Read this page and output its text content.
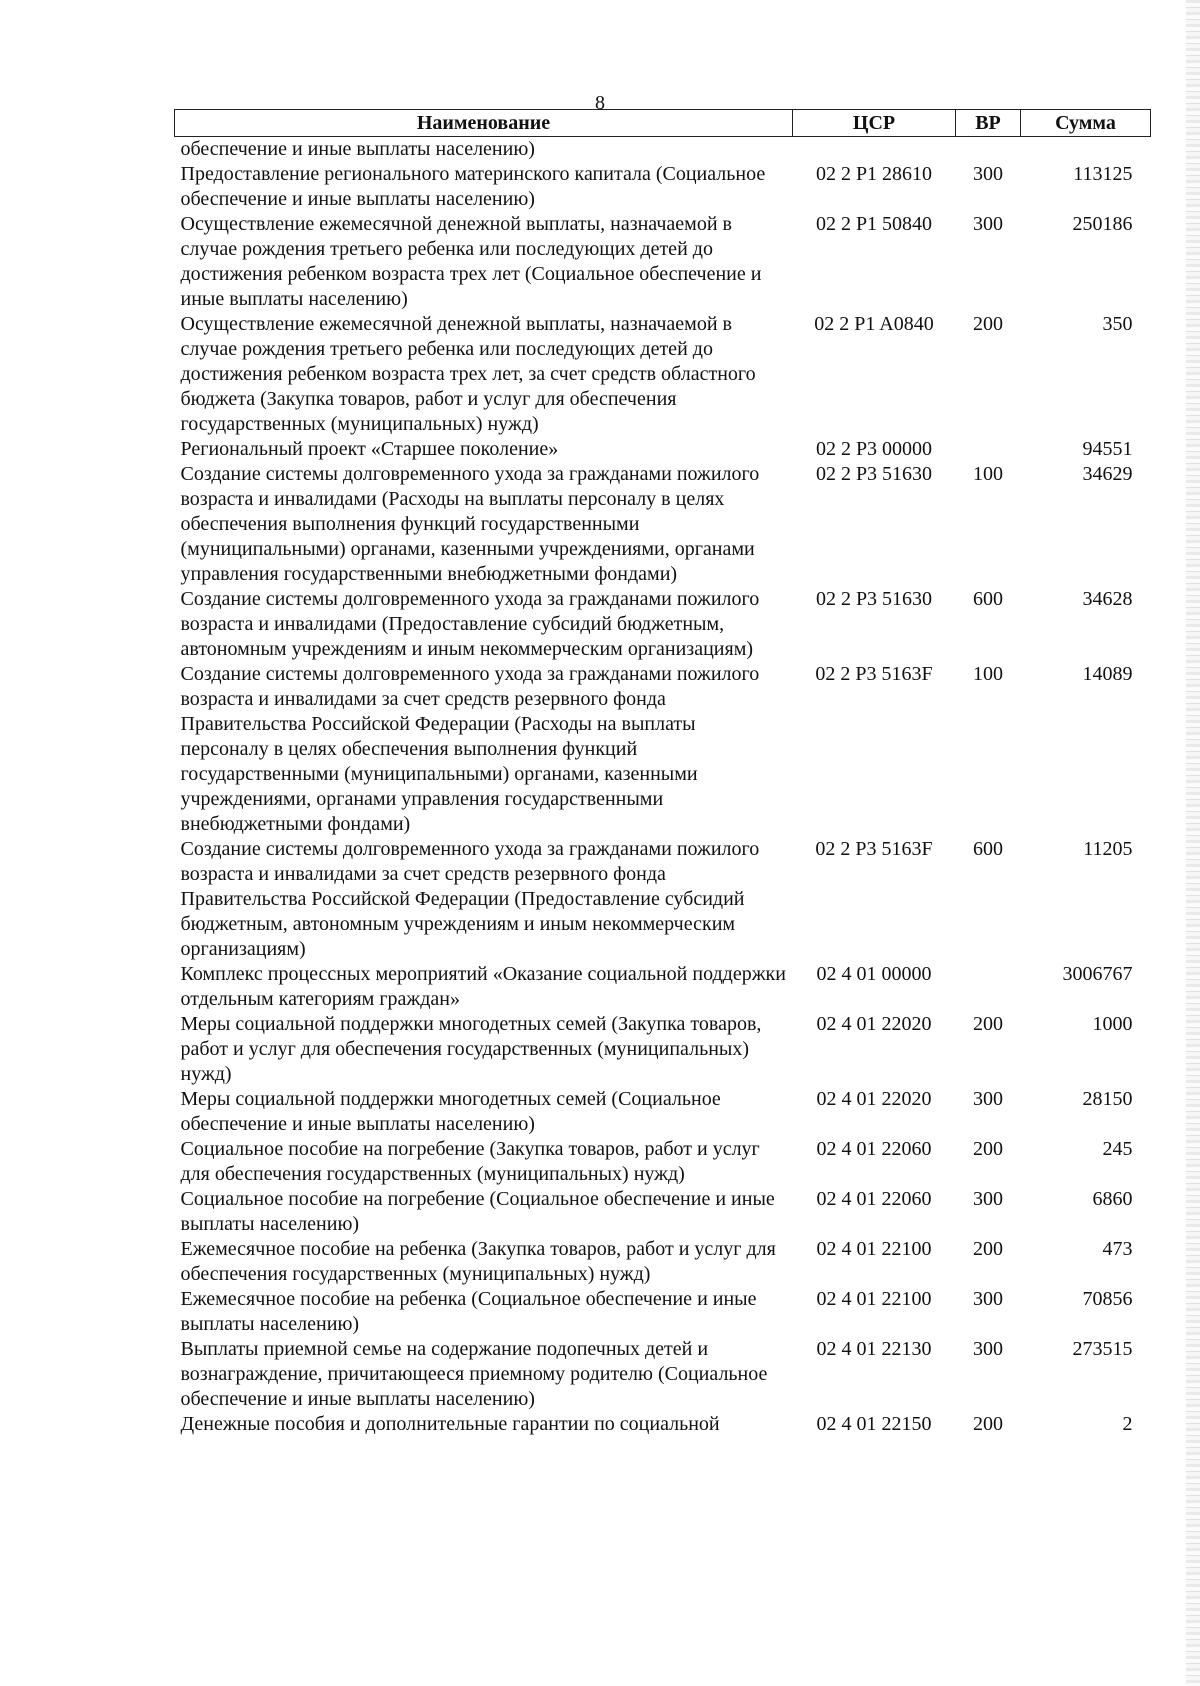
8
Наименование	ЦСР	ВР	Сумма
обеспечение и иные выплаты населению)			
Предоставление регионального материнского капитала (Социальное обеспечение и иные выплаты населению)	02 2 P1 28610	300	113125
Осуществление ежемесячной денежной выплаты, назначаемой в случае рождения третьего ребенка или последующих детей до достижения ребенком возраста трех лет (Социальное обеспечение и иные выплаты населению)	02 2 P1 50840	300	250186
Осуществление ежемесячной денежной выплаты, назначаемой в случае рождения третьего ребенка или последующих детей до достижения ребенком возраста трех лет, за счет средств областного бюджета (Закупка товаров, работ и услуг для обеспечения государственных (муниципальных) нужд)	02 2 P1 A0840	200	350
Региональный проект «Старшее поколение»	02 2 P3 00000		94551
Создание системы долговременного ухода за гражданами пожилого возраста и инвалидами (Расходы на выплаты персоналу в целях обеспечения выполнения функций государственными (муниципальными) органами, казенными учреждениями, органами управления государственными внебюджетными фондами)	02 2 P3 51630	100	34629
Создание системы долговременного ухода за гражданами пожилого возраста и инвалидами (Предоставление субсидий бюджетным, автономным учреждениям и иным некоммерческим организациям)	02 2 P3 51630	600	34628
Создание системы долговременного ухода за гражданами пожилого возраста и инвалидами за счет средств резервного фонда Правительства Российской Федерации (Расходы на выплаты персоналу в целях обеспечения выполнения функций государственными (муниципальными) органами, казенными учреждениями, органами управления государственными внебюджетными фондами)	02 2 P3 5163F	100	14089
Создание системы долговременного ухода за гражданами пожилого возраста и инвалидами за счет средств резервного фонда Правительства Российской Федерации (Предоставление субсидий бюджетным, автономным учреждениям и иным некоммерческим организациям)	02 2 P3 5163F	600	11205
Комплекс процессных мероприятий «Оказание социальной поддержки отдельным категориям граждан»	02 4 01 00000		3006767
Меры социальной поддержки многодетных семей (Закупка товаров, работ и услуг для обеспечения государственных (муниципальных) нужд)	02 4 01 22020	200	1000
Меры социальной поддержки многодетных семей (Социальное обеспечение и иные выплаты населению)	02 4 01 22020	300	28150
Социальное пособие на погребение (Закупка товаров, работ и услуг для обеспечения государственных (муниципальных) нужд)	02 4 01 22060	200	245
Социальное пособие на погребение (Социальное обеспечение и иные выплаты населению)	02 4 01 22060	300	6860
Ежемесячное пособие на ребенка (Закупка товаров, работ и услуг для обеспечения государственных (муниципальных) нужд)	02 4 01 22100	200	473
Ежемесячное пособие на ребенка (Социальное обеспечение и иные выплаты населению)	02 4 01 22100	300	70856
Выплаты приемной семье на содержание подопечных детей и вознаграждение, причитающееся приемному родителю (Социальное обеспечение и иные выплаты населению)	02 4 01 22130	300	273515
Денежные пособия и дополнительные гарантии по социальной	02 4 01 22150	200	2
